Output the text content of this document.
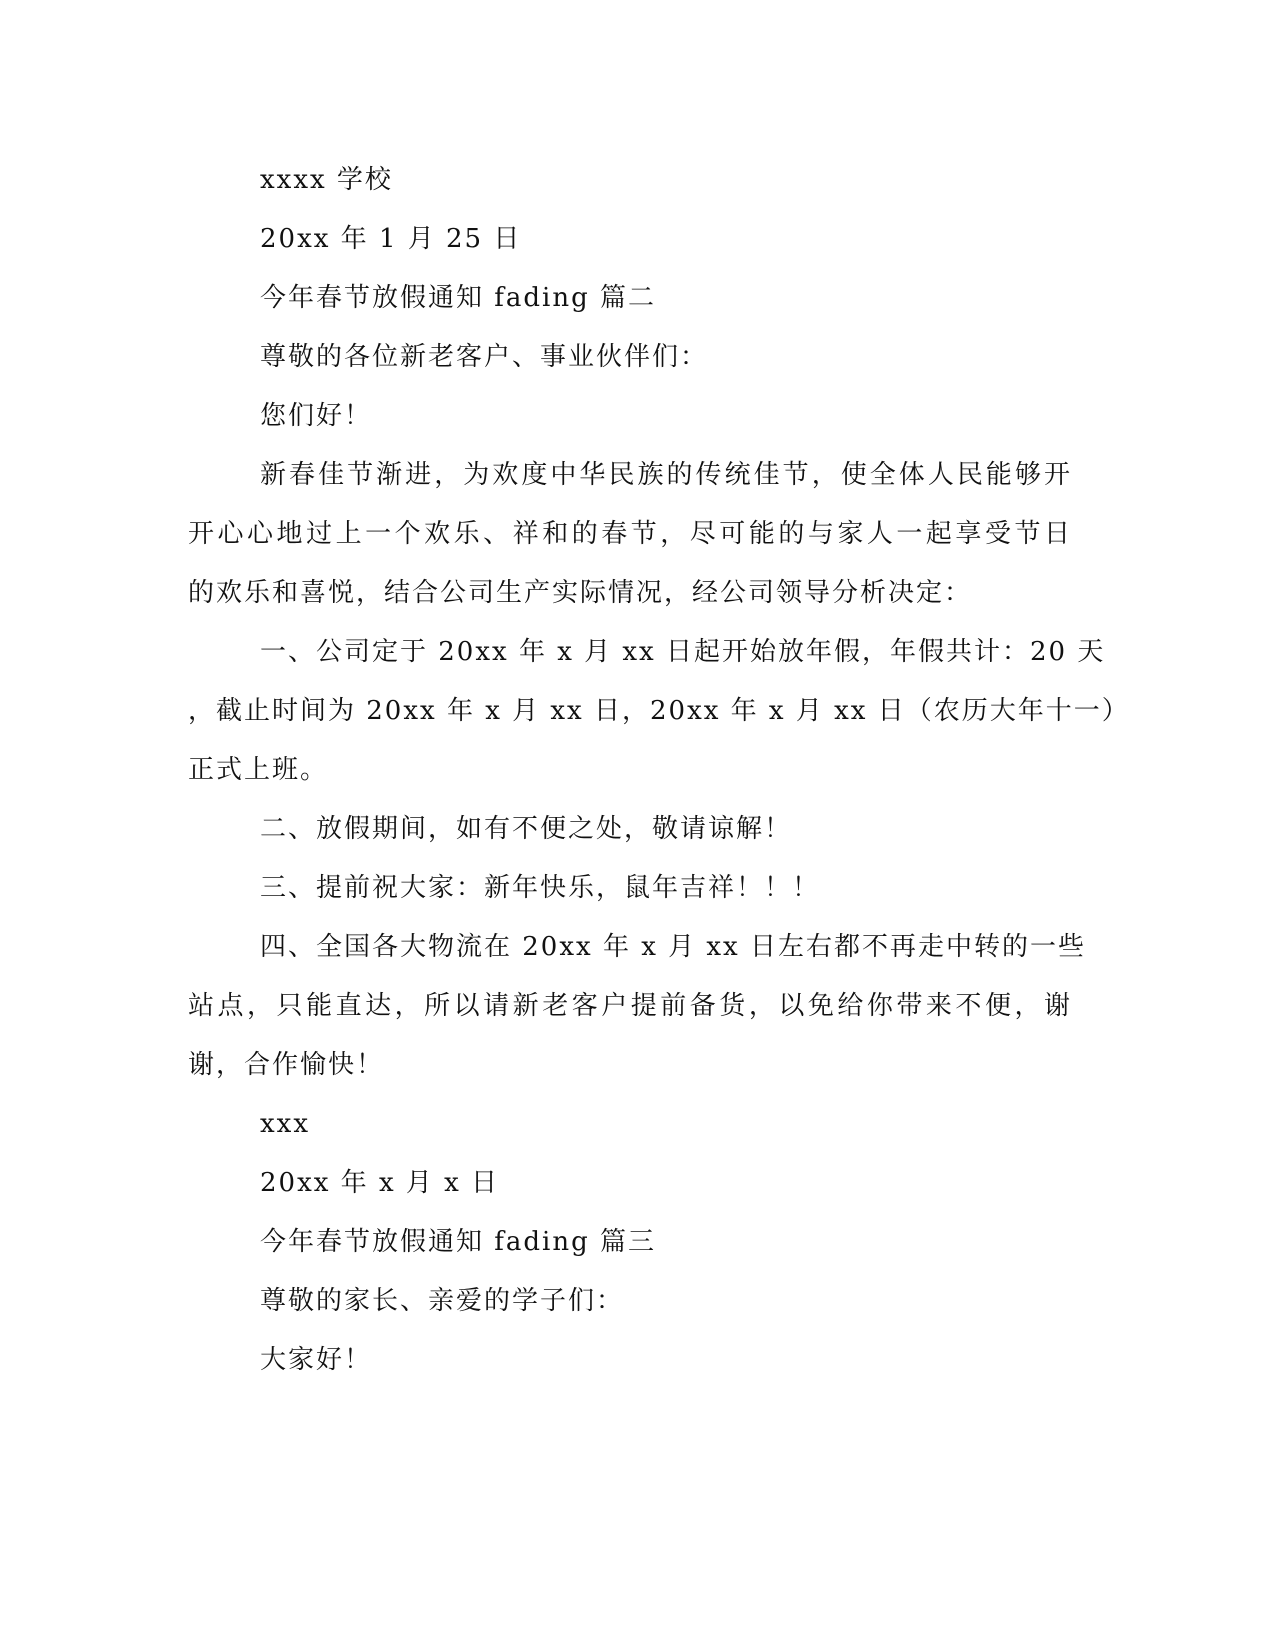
xxxx 学校
20xx 年 1 月 25 日
今年春节放假通知 fading 篇二
尊敬的各位新老客户、事业伙伴们：
您们好！
新春佳节渐进，为欢度中华民族的传统佳节，使全体人民能够开
开心心地过上一个欢乐、祥和的春节，尽可能的与家人一起享受节日
的欢乐和喜悦，结合公司生产实际情况，经公司领导分析决定：
一、公司定于 20xx 年 x 月 xx 日起开始放年假，年假共计：20 天
，截止时间为 20xx 年 x 月 xx 日，20xx 年 x 月 xx 日（农历大年十一）
正式上班。
二、放假期间，如有不便之处，敬请谅解！
三、提前祝大家：新年快乐，鼠年吉祥！！！
四、全国各大物流在 20xx 年 x 月 xx 日左右都不再走中转的一些
站点，只能直达，所以请新老客户提前备货，以免给你带来不便，谢
谢，合作愉快！
xxx
20xx 年 x 月 x 日
今年春节放假通知 fading 篇三
尊敬的家长、亲爱的学子们：
大家好！
